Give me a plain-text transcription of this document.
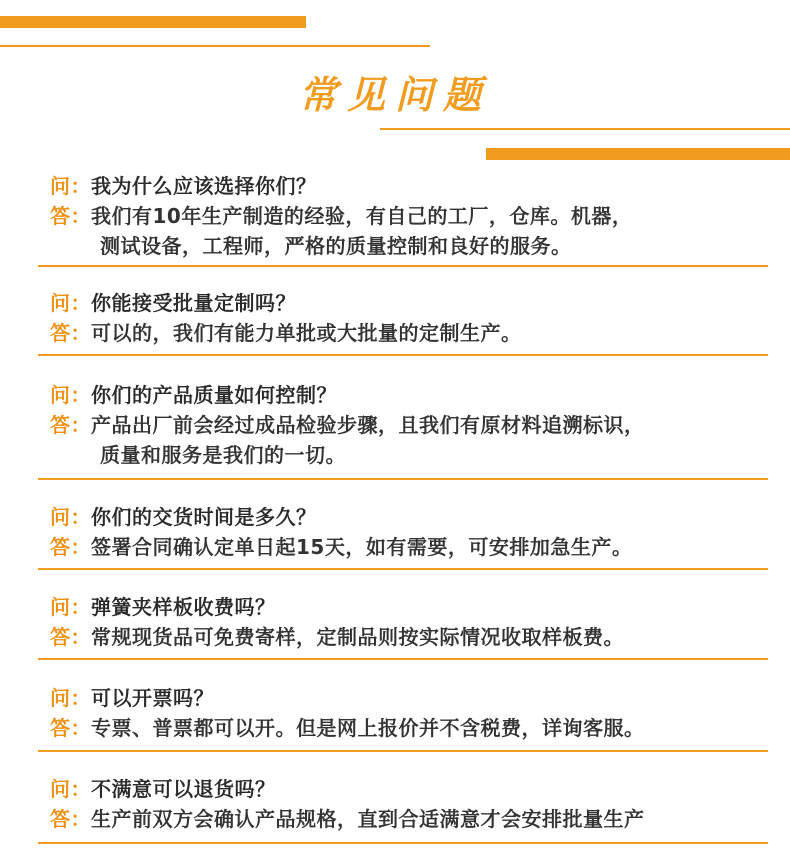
常见问题
问：我为什么应该选择你们？
答：我们有10年生产制造的经验，有自己的工厂，仓库。机器，
测试设备，工程师，严格的质量控制和良好的服务。
问：你能接受批量定制吗？
答：可以的，我们有能力单批或大批量的定制生产。
问：你们的产品质量如何控制？
答：产品出厂前会经过成品检验步骤，且我们有原材料追溯标识，
质量和服务是我们的一切。
问：你们的交货时间是多久？
答：签署合同确认定单日起15天，如有需要，可安排加急生产。
问：弹簧夹样板收费吗？
答：常规现货品可免费寄样，定制品则按实际情况收取样板费。
问：可以开票吗？
答：专票、普票都可以开。但是网上报价并不含税费，详询客服。
问：不满意可以退货吗？
答：生产前双方会确认产品规格，直到合适满意才会安排批量生产
